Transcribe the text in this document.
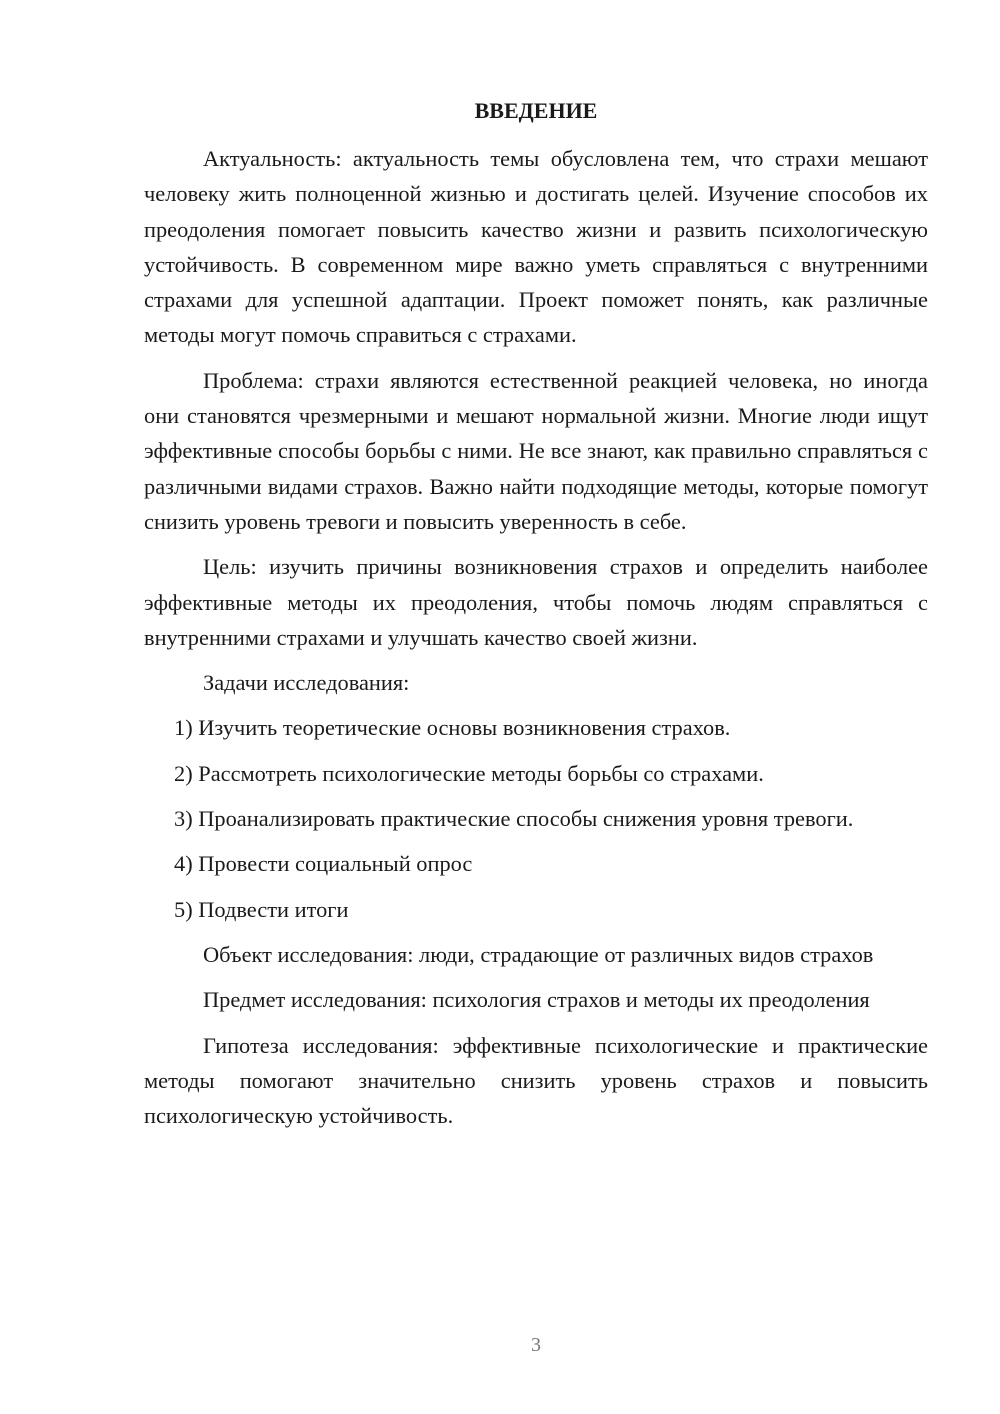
ВВЕДЕНИЕ

Актуальность: актуальность темы обусловлена тем, что страхи мешают человеку жить полноценной жизнью и достигать целей. Изучение способов их преодоления помогает повысить качество жизни и развить психологическую устойчивость. В современном мире важно уметь справляться с внутренними страхами для успешной адаптации. Проект поможет понять, как различные методы могут помочь справиться с страхами.

Проблема: страхи являются естественной реакцией человека, но иногда они становятся чрезмерными и мешают нормальной жизни. Многие люди ищут эффективные способы борьбы с ними. Не все знают, как правильно справляться с различными видами страхов. Важно найти подходящие методы, которые помогут снизить уровень тревоги и повысить уверенность в себе.

Цель: изучить причины возникновения страхов и определить наиболее эффективные методы их преодоления, чтобы помочь людям справляться с внутренними страхами и улучшать качество своей жизни.

Задачи исследования:

1) Изучить теоретические основы возникновения страхов.

2) Рассмотреть психологические методы борьбы со страхами.

3) Проанализировать практические способы снижения уровня тревоги.

4) Провести социальный опрос

5) Подвести итоги

Объект исследования: люди, страдающие от различных видов страхов

Предмет исследования: психология страхов и методы их преодоления

Гипотеза исследования: эффективные психологические и практические методы помогают значительно снизить уровень страхов и повысить психологическую устойчивость.

3
